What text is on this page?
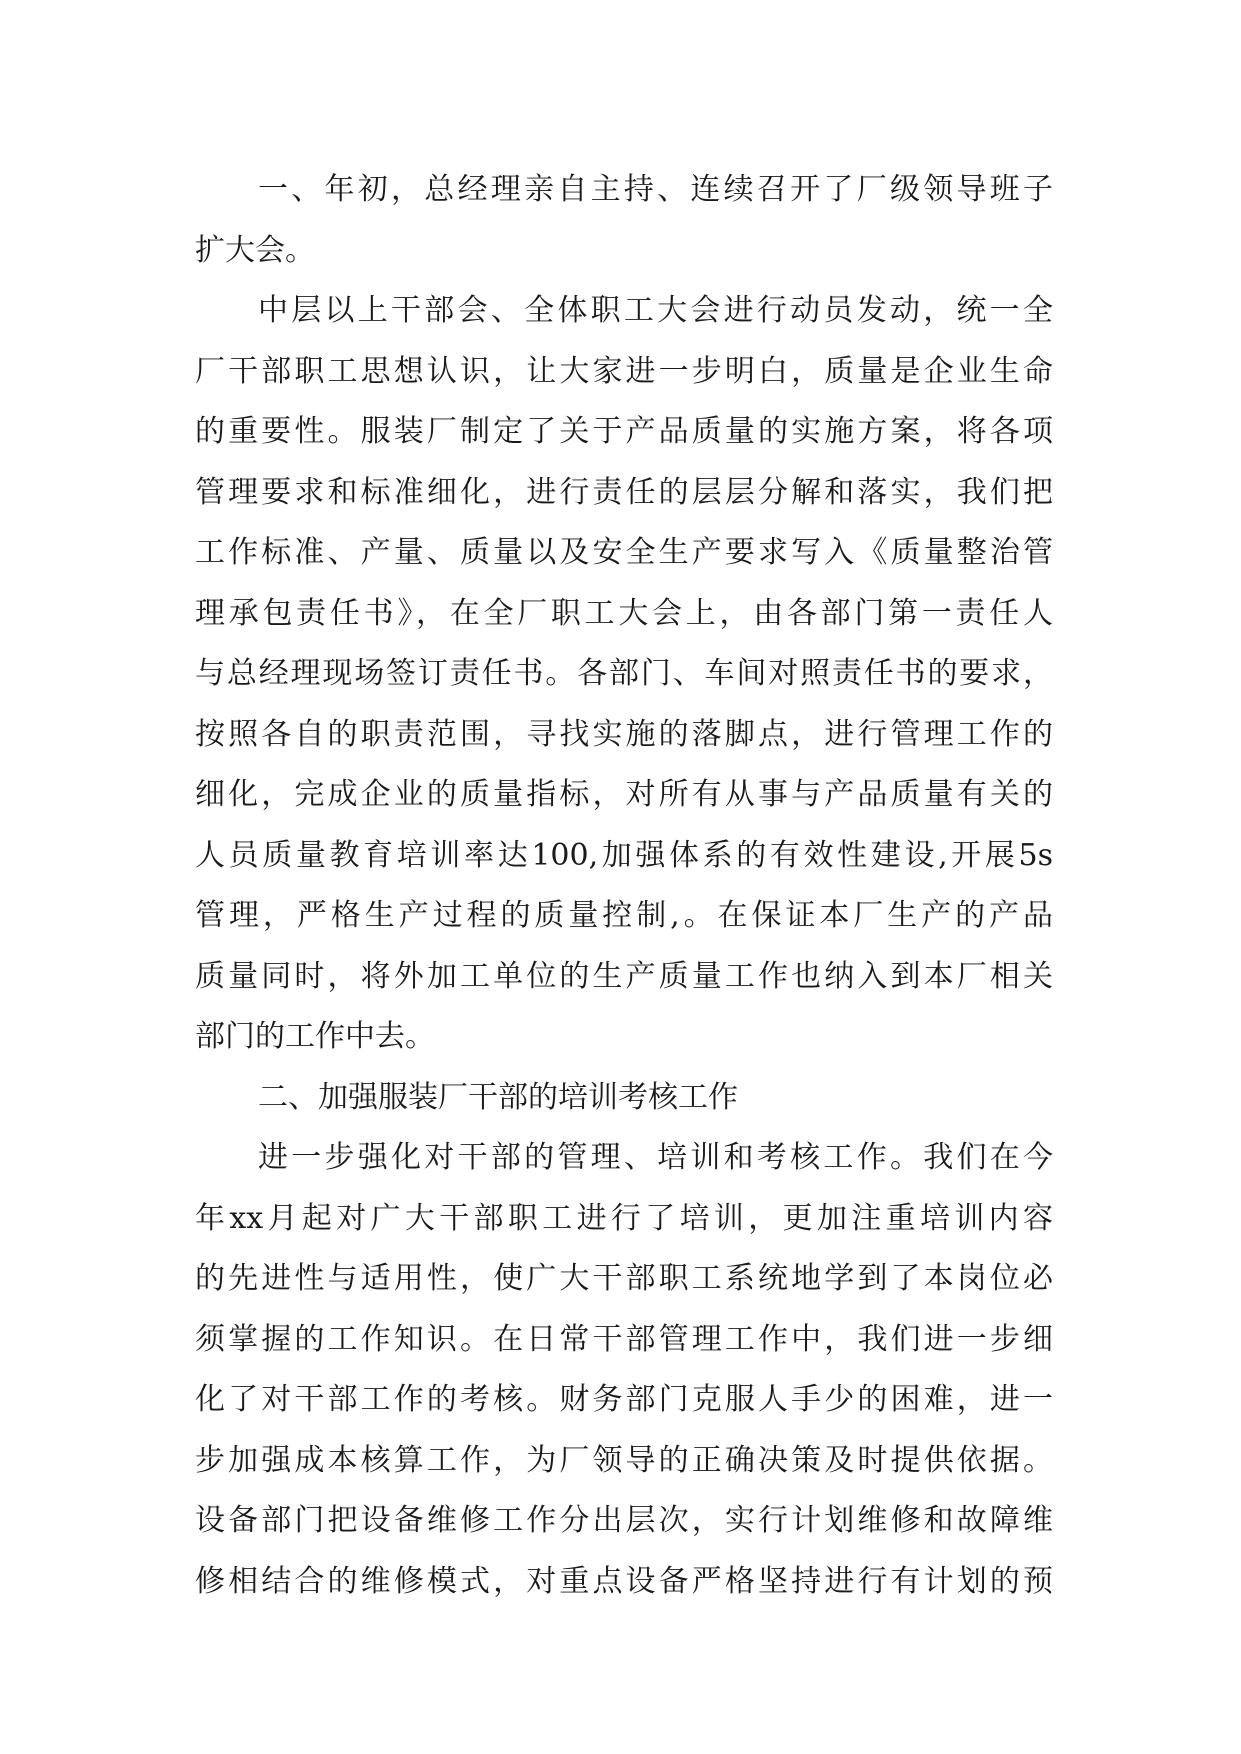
一、年初，总经理亲自主持、连续召开了厂级领导班子
扩大会。
中层以上干部会、全体职工大会进行动员发动，统一全
厂干部职工思想认识，让大家进一步明白，质量是企业生命
的重要性。服装厂制定了关于产品质量的实施方案，将各项
管理要求和标准细化，进行责任的层层分解和落实，我们把
工作标准、产量、质量以及安全生产要求写入《质量整治管
理承包责任书》，在全厂职工大会上，由各部门第一责任人
与总经理现场签订责任书。各部门、车间对照责任书的要求，
按照各自的职责范围，寻找实施的落脚点，进行管理工作的
细化，完成企业的质量指标，对所有从事与产品质量有关的
人员质量教育培训率达100,加强体系的有效性建设,开展5s
管理，严格生产过程的质量控制,。在保证本厂生产的产品
质量同时，将外加工单位的生产质量工作也纳入到本厂相关
部门的工作中去。
二、加强服装厂干部的培训考核工作
进一步强化对干部的管理、培训和考核工作。我们在今
年xx月起对广大干部职工进行了培训，更加注重培训内容
的先进性与适用性，使广大干部职工系统地学到了本岗位必
须掌握的工作知识。在日常干部管理工作中，我们进一步细
化了对干部工作的考核。财务部门克服人手少的困难，进一
步加强成本核算工作，为厂领导的正确决策及时提供依据。
设备部门把设备维修工作分出层次，实行计划维修和故障维
修相结合的维修模式，对重点设备严格坚持进行有计划的预
